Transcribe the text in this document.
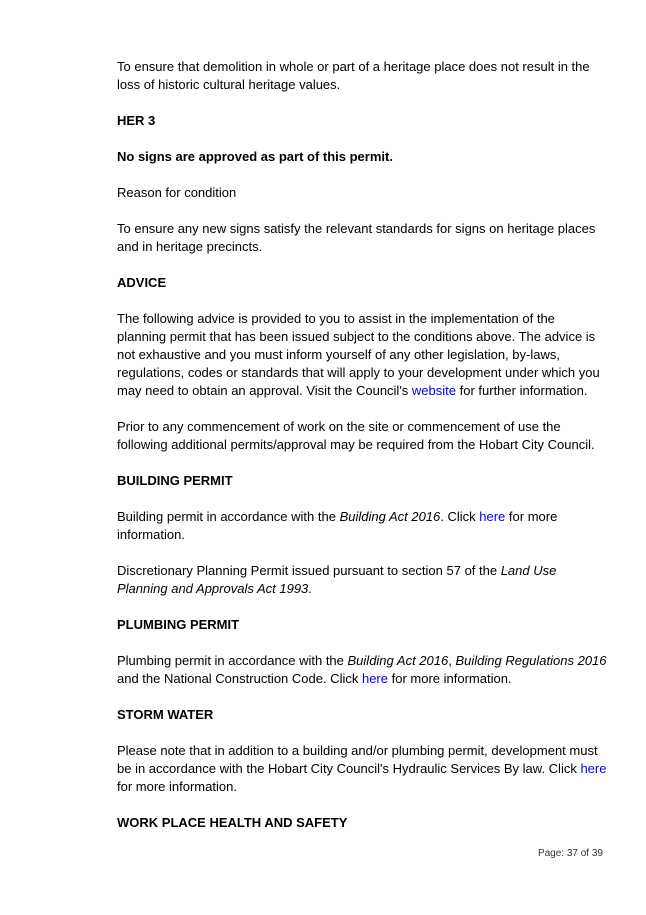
To ensure that demolition in whole or part of a heritage place does not result in the loss of historic cultural heritage values.

HER 3

No signs are approved as part of this permit.

Reason for condition

To ensure any new signs satisfy the relevant standards for signs on heritage places and in heritage precincts.

ADVICE

The following advice is provided to you to assist in the implementation of the planning permit that has been issued subject to the conditions above. The advice is not exhaustive and you must inform yourself of any other legislation, by-laws, regulations, codes or standards that will apply to your development under which you may need to obtain an approval. Visit the Council's website for further information.

Prior to any commencement of work on the site or commencement of use the following additional permits/approval may be required from the Hobart City Council.

BUILDING PERMIT

Building permit in accordance with the Building Act 2016. Click here for more information.

Discretionary Planning Permit issued pursuant to section 57 of the Land Use Planning and Approvals Act 1993.

PLUMBING PERMIT

Plumbing permit in accordance with the Building Act 2016, Building Regulations 2016 and the National Construction Code. Click here for more information.

STORM WATER

Please note that in addition to a building and/or plumbing permit, development must be in accordance with the Hobart City Council's Hydraulic Services By law. Click here for more information.

WORK PLACE HEALTH AND SAFETY

Page: 37 of 39
